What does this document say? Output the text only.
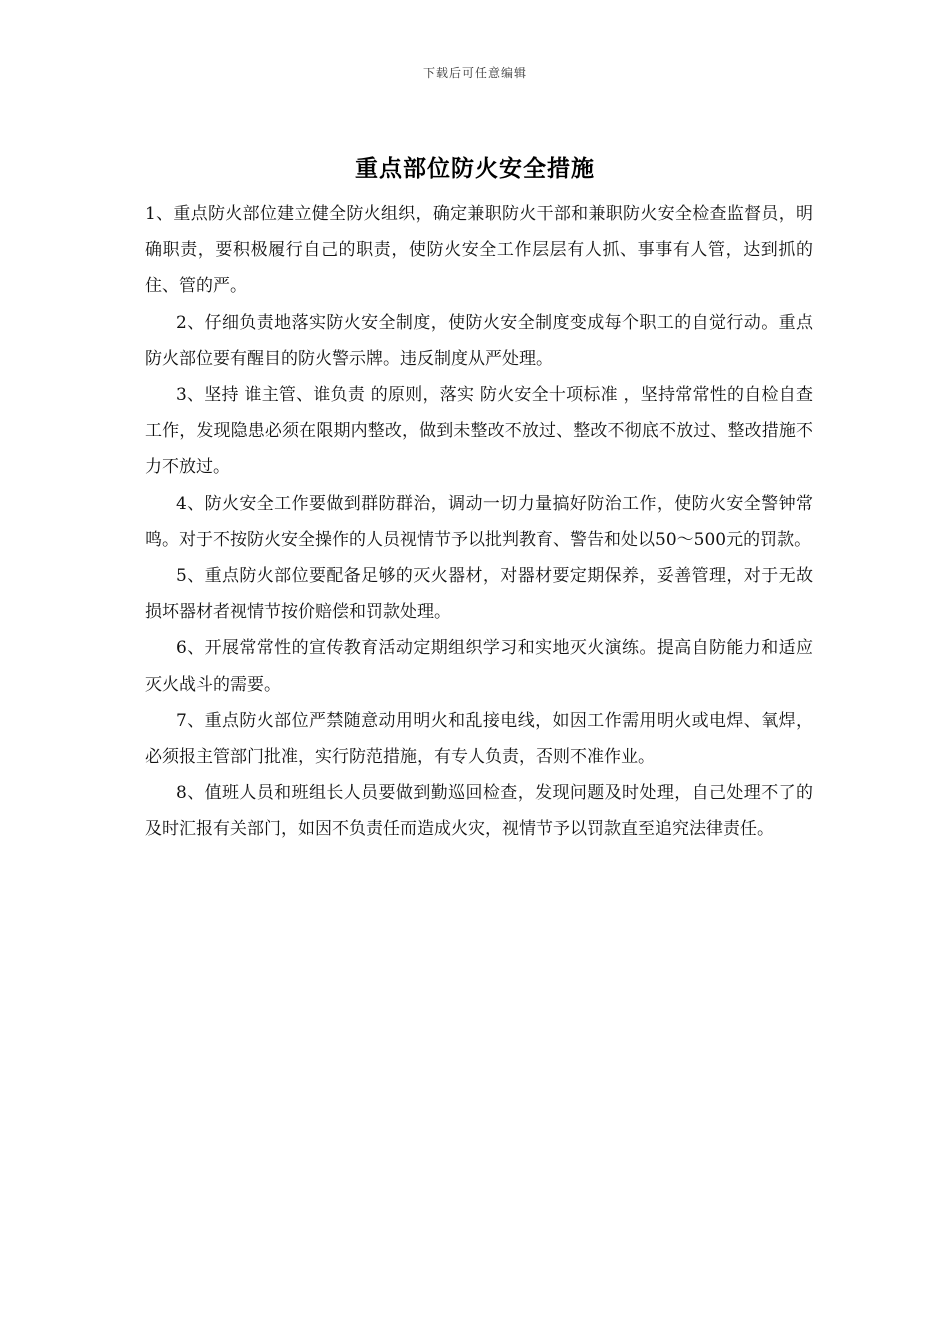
下载后可任意编辑
重点部位防火安全措施

1、重点防火部位建立健全防火组织，确定兼职防火干部和兼职防火安全检查监督员，明确职责，要积极履行自己的职责，使防火安全工作层层有人抓、事事有人管，达到抓的住、管的严。

2、仔细负责地落实防火安全制度，使防火安全制度变成每个职工的自觉行动。重点防火部位要有醒目的防火警示牌。违反制度从严处理。

3、坚持 谁主管、谁负责 的原则，落实 防火安全十项标准 ，坚持常常性的自检自查工作，发现隐患必须在限期内整改，做到未整改不放过、整改不彻底不放过、整改措施不力不放过。

4、防火安全工作要做到群防群治，调动一切力量搞好防治工作，使防火安全警钟常鸣。对于不按防火安全操作的人员视情节予以批判教育、警告和处以50～500元的罚款。

5、重点防火部位要配备足够的灭火器材，对器材要定期保养，妥善管理，对于无故损坏器材者视情节按价赔偿和罚款处理。

6、开展常常性的宣传教育活动定期组织学习和实地灭火演练。提高自防能力和适应灭火战斗的需要。

7、重点防火部位严禁随意动用明火和乱接电线，如因工作需用明火或电焊、氧焊，必须报主管部门批准，实行防范措施，有专人负责，否则不准作业。

8、值班人员和班组长人员要做到勤巡回检查，发现问题及时处理，自己处理不了的及时汇报有关部门，如因不负责任而造成火灾，视情节予以罚款直至追究法律责任。
